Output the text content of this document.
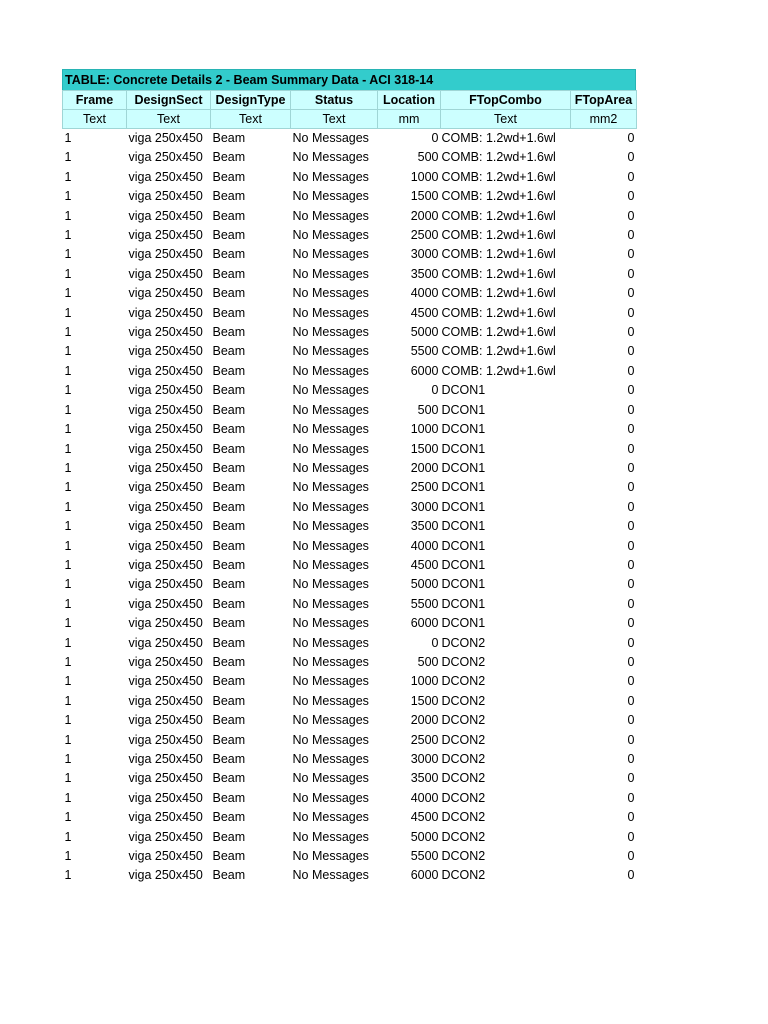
TABLE: Concrete Details 2 - Beam Summary Data - ACI 318-14
Frame	DesignSect	DesignType	Status	Location	FTopCombo	FTopArea
Text	Text	Text	Text	mm	Text	mm2
1	viga 250x450	Beam	No Messages	0	COMB: 1.2wd+1.6wl	0
1	viga 250x450	Beam	No Messages	500	COMB: 1.2wd+1.6wl	0
1	viga 250x450	Beam	No Messages	1000	COMB: 1.2wd+1.6wl	0
1	viga 250x450	Beam	No Messages	1500	COMB: 1.2wd+1.6wl	0
1	viga 250x450	Beam	No Messages	2000	COMB: 1.2wd+1.6wl	0
1	viga 250x450	Beam	No Messages	2500	COMB: 1.2wd+1.6wl	0
1	viga 250x450	Beam	No Messages	3000	COMB: 1.2wd+1.6wl	0
1	viga 250x450	Beam	No Messages	3500	COMB: 1.2wd+1.6wl	0
1	viga 250x450	Beam	No Messages	4000	COMB: 1.2wd+1.6wl	0
1	viga 250x450	Beam	No Messages	4500	COMB: 1.2wd+1.6wl	0
1	viga 250x450	Beam	No Messages	5000	COMB: 1.2wd+1.6wl	0
1	viga 250x450	Beam	No Messages	5500	COMB: 1.2wd+1.6wl	0
1	viga 250x450	Beam	No Messages	6000	COMB: 1.2wd+1.6wl	0
1	viga 250x450	Beam	No Messages	0	DCON1	0
1	viga 250x450	Beam	No Messages	500	DCON1	0
1	viga 250x450	Beam	No Messages	1000	DCON1	0
1	viga 250x450	Beam	No Messages	1500	DCON1	0
1	viga 250x450	Beam	No Messages	2000	DCON1	0
1	viga 250x450	Beam	No Messages	2500	DCON1	0
1	viga 250x450	Beam	No Messages	3000	DCON1	0
1	viga 250x450	Beam	No Messages	3500	DCON1	0
1	viga 250x450	Beam	No Messages	4000	DCON1	0
1	viga 250x450	Beam	No Messages	4500	DCON1	0
1	viga 250x450	Beam	No Messages	5000	DCON1	0
1	viga 250x450	Beam	No Messages	5500	DCON1	0
1	viga 250x450	Beam	No Messages	6000	DCON1	0
1	viga 250x450	Beam	No Messages	0	DCON2	0
1	viga 250x450	Beam	No Messages	500	DCON2	0
1	viga 250x450	Beam	No Messages	1000	DCON2	0
1	viga 250x450	Beam	No Messages	1500	DCON2	0
1	viga 250x450	Beam	No Messages	2000	DCON2	0
1	viga 250x450	Beam	No Messages	2500	DCON2	0
1	viga 250x450	Beam	No Messages	3000	DCON2	0
1	viga 250x450	Beam	No Messages	3500	DCON2	0
1	viga 250x450	Beam	No Messages	4000	DCON2	0
1	viga 250x450	Beam	No Messages	4500	DCON2	0
1	viga 250x450	Beam	No Messages	5000	DCON2	0
1	viga 250x450	Beam	No Messages	5500	DCON2	0
1	viga 250x450	Beam	No Messages	6000	DCON2	0
